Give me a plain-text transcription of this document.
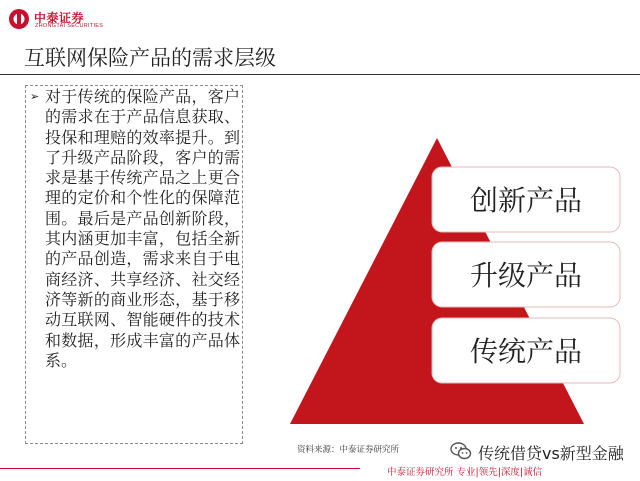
中泰证券
ZHONGTAI SECURITIES
互联网保险产品的需求层级
➢ 对于传统的保险产品，客户的需求在于产品信息获取、投保和理赔的效率提升。到了升级产品阶段，客户的需求是基于传统产品之上更合理的定价和个性化的保障范围。最后是产品创新阶段，其内涵更加丰富，包括全新的产品创造，需求来自于电商经济、共享经济、社交经济等新的商业形态，基于移动互联网、智能硬件的技术和数据，形成丰富的产品体系。

创新产品
升级产品
传统产品
资料来源：中泰证券研究所	传统借贷vs新型金融
中泰证券研究所 专业|领先|深度|诚信
